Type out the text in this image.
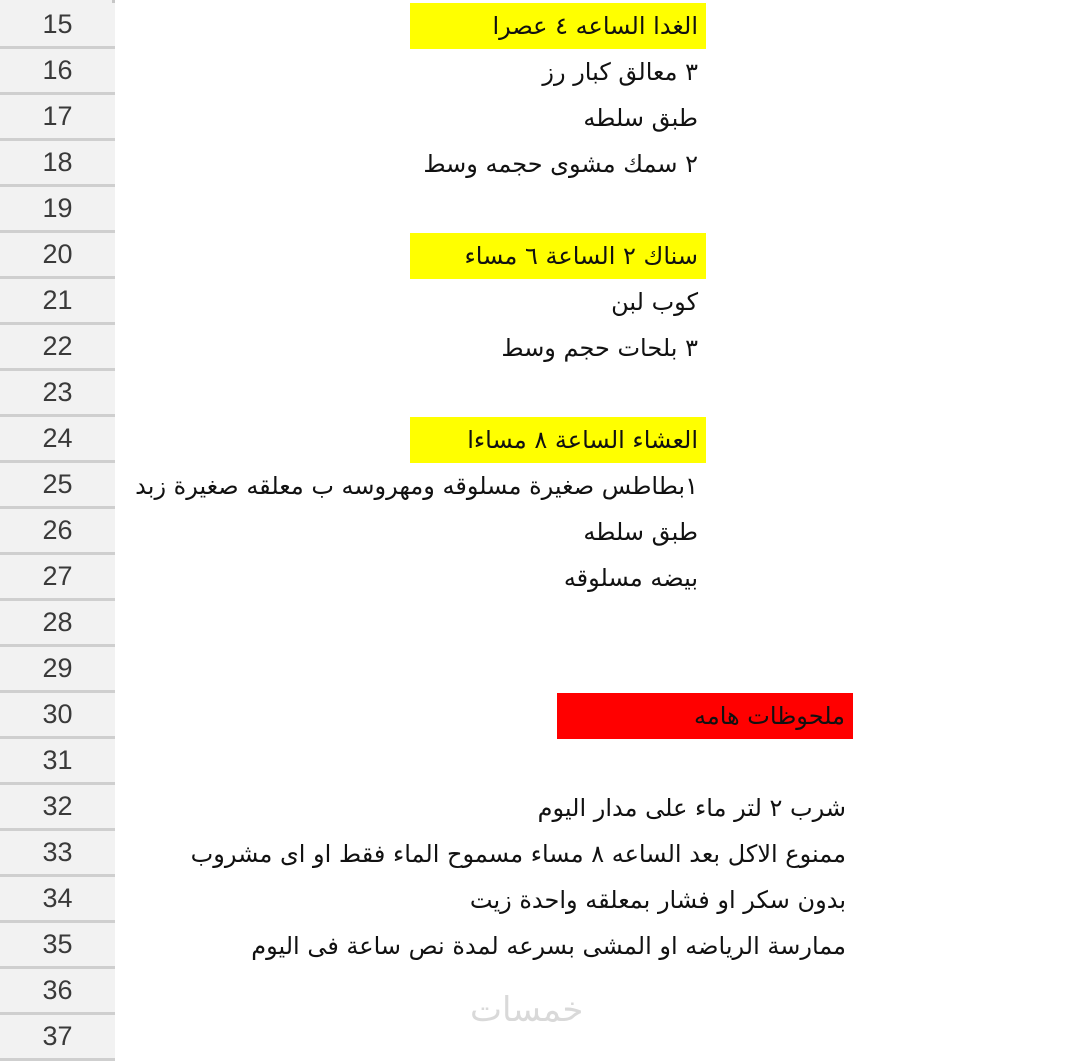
15	الغدا الساعه ٤ عصرا
16	٣ معالق كبار رز
17	طبق سلطه
18	٢ سمك مشوى حجمه وسط
19
20	سناك ٢ الساعة ٦ مساء
21	كوب لبن
22	٣ بلحات حجم وسط
23
24	العشاء الساعة ٨ مساءا
25	١بطاطس صغيرة مسلوقه ومهروسه ب معلقه صغيرة زبد
26	طبق سلطه
27	بيضه مسلوقه
28
29
30	ملحوظات هامه
31
32	شرب ٢ لتر ماء على مدار اليوم
33	ممنوع الاكل بعد الساعه ٨ مساء مسموح الماء فقط او اى مشروب
34	بدون سكر او فشار بمعلقه واحدة زيت
35	ممارسة الرياضه او المشى بسرعه لمدة نص ساعة فى اليوم
36
37
خمسات
